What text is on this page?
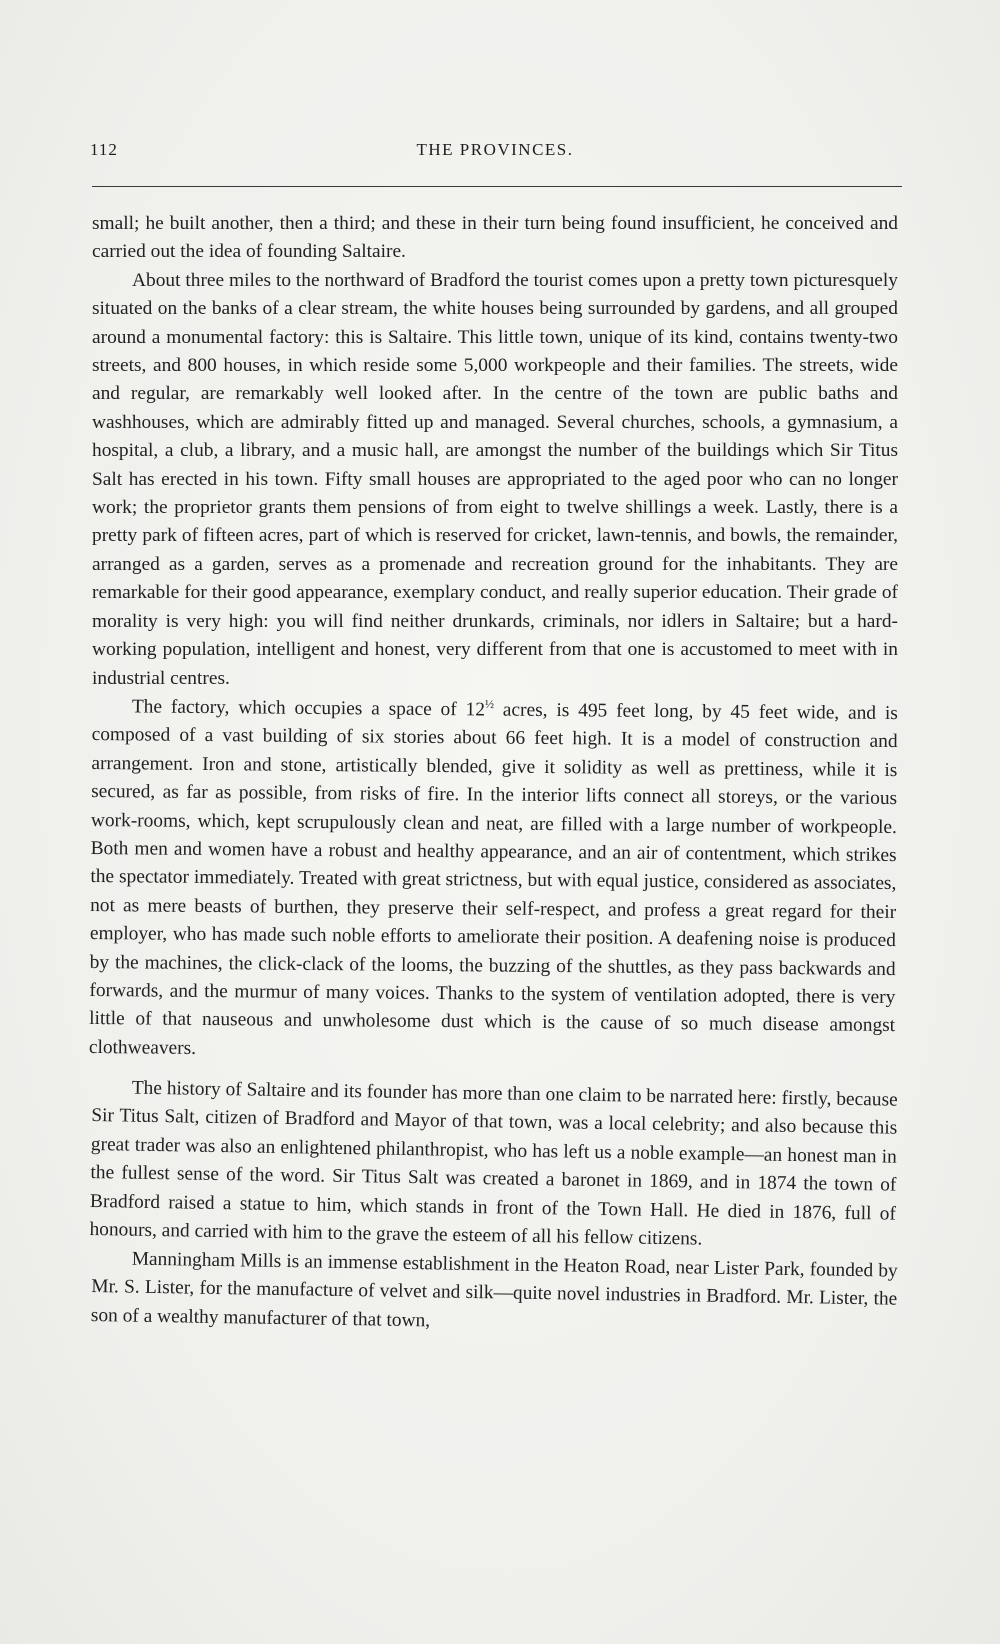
112	THE PROVINCES.

small; he built another, then a third; and these in their turn being found insufficient, he conceived and carried out the idea of founding Saltaire.

About three miles to the northward of Bradford the tourist comes upon a pretty town picturesquely situated on the banks of a clear stream, the white houses being surrounded by gardens, and all grouped around a monumental factory: this is Saltaire. This little town, unique of its kind, contains twenty-two streets, and 800 houses, in which reside some 5,000 workpeople and their families. The streets, wide and regular, are remarkably well looked after. In the centre of the town are public baths and washhouses, which are admirably fitted up and managed. Several churches, schools, a gymnasium, a hospital, a club, a library, and a music hall, are amongst the number of the buildings which Sir Titus Salt has erected in his town. Fifty small houses are appropriated to the aged poor who can no longer work; the proprietor grants them pensions of from eight to twelve shillings a week. Lastly, there is a pretty park of fifteen acres, part of which is reserved for cricket, lawn-tennis, and bowls, the remainder, arranged as a garden, serves as a promenade and recreation ground for the inhabitants. They are remarkable for their good appearance, exemplary conduct, and really superior education. Their grade of morality is very high: you will find neither drunkards, criminals, nor idlers in Saltaire; but a hard-working population, intelligent and honest, very different from that one is accustomed to meet with in industrial centres.

The factory, which occupies a space of $12^{\frac{1}{2}}$ acres, is 495 feet long, by 45 feet wide, and is composed of a vast building of six stories about 66 feet high. It is a model of construction and arrangement. Iron and stone, artistically blended, give it solidity as well as prettiness, while it is secured, as far as possible, from risks of fire. In the interior lifts connect all storeys, or the various work-rooms, which, kept scrupulously clean and neat, are filled with a large number of workpeople. Both men and women have a robust and healthy appearance, and an air of contentment, which strikes the spectator immediately. Treated with great strictness, but with equal justice, considered as associates, not as mere beasts of burthen, they preserve their self-respect, and profess a great regard for their employer, who has made such noble efforts to ameliorate their position. A deafening noise is produced by the machines, the click-clack of the looms, the buzzing of the shuttles, as they pass backwards and forwards, and the murmur of many voices. Thanks to the system of ventilation adopted, there is very little of that nauseous and unwholesome dust which is the cause of so much disease amongst clothweavers.

The history of Saltaire and its founder has more than one claim to be narrated here: firstly, because Sir Titus Salt, citizen of Bradford and Mayor of that town, was a local celebrity; and also because this great trader was also an enlightened philanthropist, who has left us a noble example—an honest man in the fullest sense of the word. Sir Titus Salt was created a baronet in 1869, and in 1874 the town of Bradford raised a statue to him, which stands in front of the Town Hall. He died in 1876, full of honours, and carried with him to the grave the esteem of all his fellow citizens.

Manningham Mills is an immense establishment in the Heaton Road, near Lister Park, founded by Mr. S. Lister, for the manufacture of velvet and silk—quite novel industries in Bradford. Mr. Lister, the son of a wealthy manufacturer of that town,
